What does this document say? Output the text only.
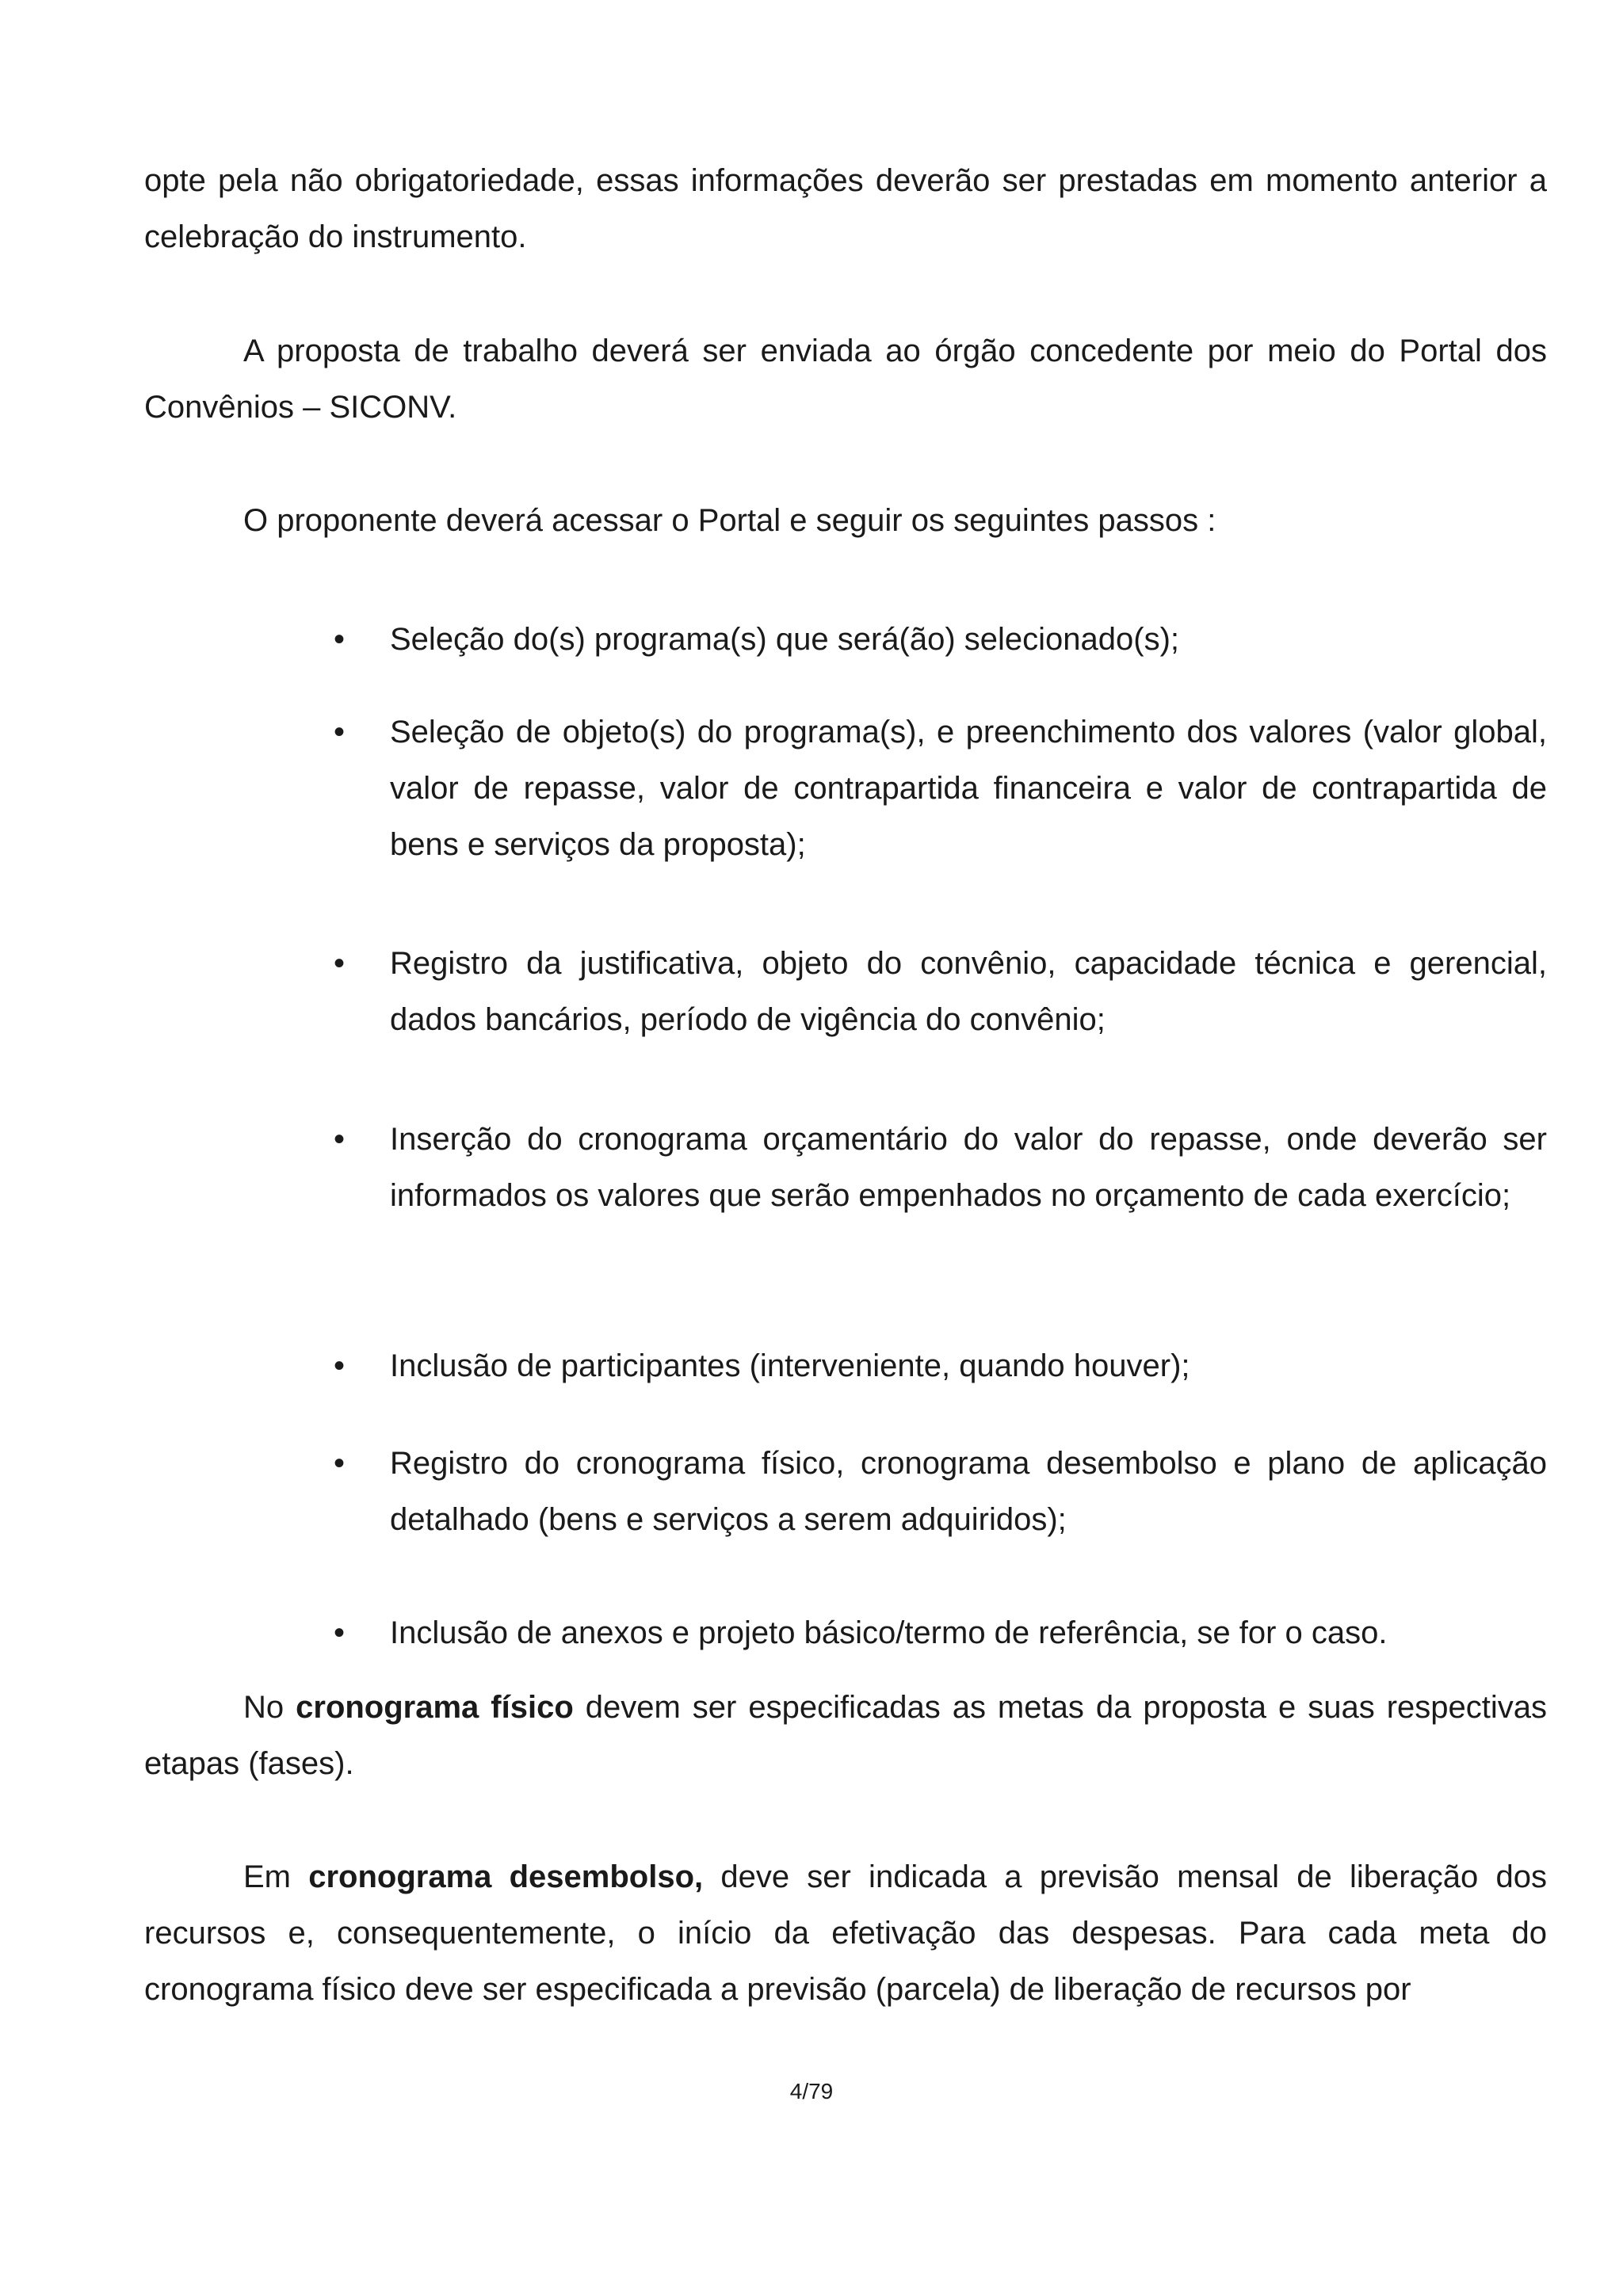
opte pela não obrigatoriedade, essas informações deverão ser prestadas em momento anterior a celebração do instrumento.

A proposta de trabalho deverá ser enviada ao órgão concedente por meio do Portal dos Convênios – SICONV.

O proponente deverá acessar o Portal e seguir os seguintes passos :

• Seleção do(s) programa(s) que será(ão) selecionado(s);

• Seleção de objeto(s) do programa(s), e preenchimento dos valores (valor global, valor de repasse, valor de contrapartida financeira e valor de contrapartida de bens e serviços da proposta);

• Registro da justificativa, objeto do convênio, capacidade técnica e gerencial, dados bancários, período de vigência do convênio;

• Inserção do cronograma orçamentário do valor do repasse, onde deverão ser informados os valores que serão empenhados no orçamento de cada exercício;

• Inclusão de participantes (interveniente, quando houver);

• Registro do cronograma físico, cronograma desembolso e plano de aplicação detalhado (bens e serviços a serem adquiridos);

• Inclusão de anexos e projeto básico/termo de referência, se for o caso.

No cronograma físico devem ser especificadas as metas da proposta e suas respectivas etapas (fases).

Em cronograma desembolso, deve ser indicada a previsão mensal de liberação dos recursos e, consequentemente, o início da efetivação das despesas. Para cada meta do cronograma físico deve ser especificada a previsão (parcela) de liberação de recursos por

4/79
